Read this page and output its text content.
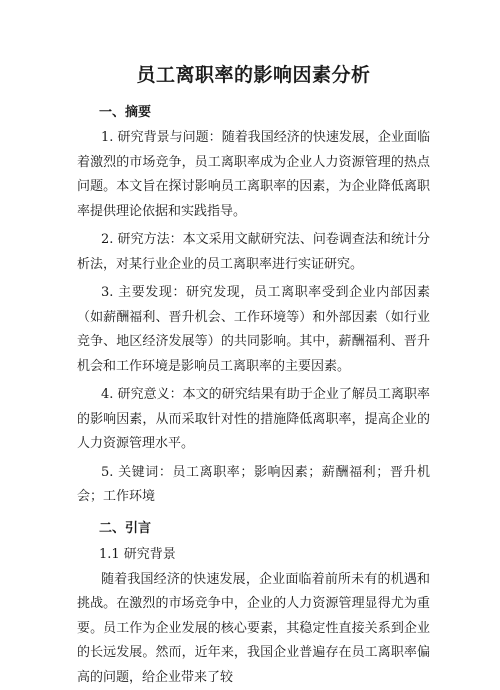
员工离职率的影响因素分析
一、摘要
1. 研究背景与问题：随着我国经济的快速发展，企业面临着激烈的市场竞争，员工离职率成为企业人力资源管理的热点问题。本文旨在探讨影响员工离职率的因素，为企业降低离职率提供理论依据和实践指导。
2. 研究方法：本文采用文献研究法、问卷调查法和统计分析法，对某行业企业的员工离职率进行实证研究。
3. 主要发现：研究发现，员工离职率受到企业内部因素（如薪酬福利、晋升机会、工作环境等）和外部因素（如行业竞争、地区经济发展等）的共同影响。其中，薪酬福利、晋升机会和工作环境是影响员工离职率的主要因素。
4. 研究意义：本文的研究结果有助于企业了解员工离职率的影响因素，从而采取针对性的措施降低离职率，提高企业的人力资源管理水平。
5. 关键词：员工离职率；影响因素；薪酬福利；晋升机会；工作环境
二、引言
1.1 研究背景
随着我国经济的快速发展，企业面临着前所未有的机遇和挑战。在激烈的市场竞争中，企业的人力资源管理显得尤为重要。员工作为企业发展的核心要素，其稳定性直接关系到企业的长远发展。然而，近年来，我国企业普遍存在员工离职率偏高的问题，给企业带来了较
